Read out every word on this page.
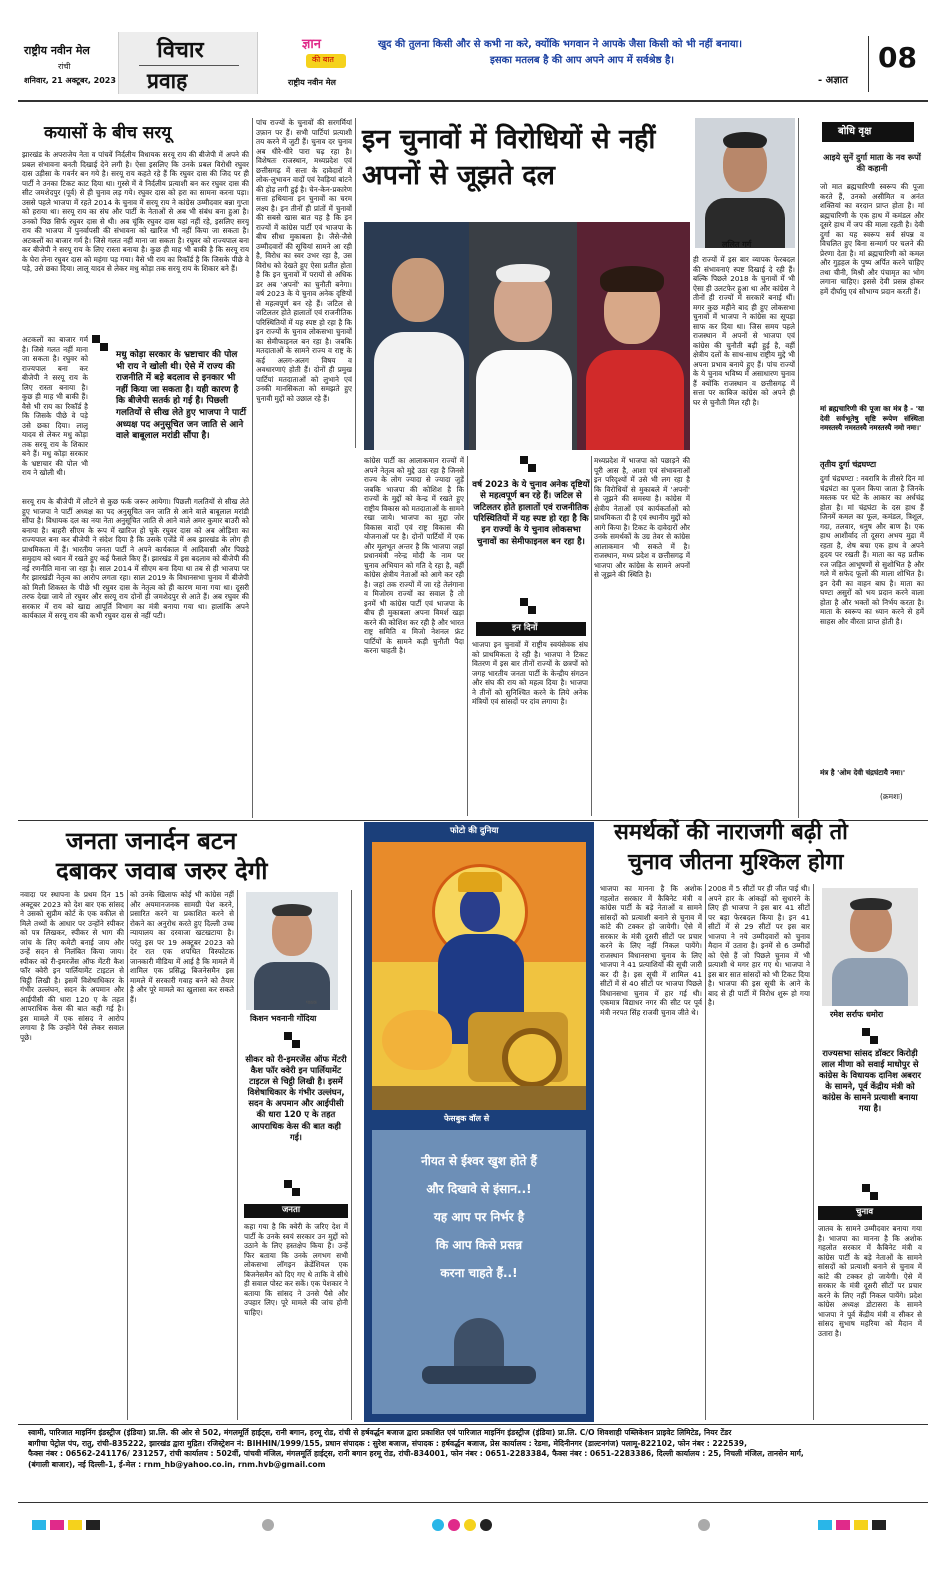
राष्ट्रीय नवीन मेल
रांची
शनिवार, 21 अक्टूबर, 2023
विचार
प्रवाह
ज्ञान
की बात
राष्ट्रीय नवीन मेल
खुद की तुलना किसी और से कभी ना करे, क्योंकि भगवान ने आपके जैसा किसी को भी नहीं बनाया।
इसका मतलब है की आप अपने आप में सर्वश्रेष्ठ है।
- अज्ञात
08
कयासों के बीच सरयू
झारखंड के अपराजेय नेता व पांचवें निर्दलीय विधायक सरयू राय की बीजेपी में अपने की प्रबल संभावना बनती दिखाई देने लगी है। ऐसा इसलिए कि उनके प्रबल विरोधी रघुवर दास उड़ीसा के गवर्नर बन गये है। सरयू राय कहते रहे हैं कि रघुवर दास की जिद पर ही पार्टी ने उनका टिकट काट दिया था। गुस्से में वे निर्दलीय प्रत्याशी बन कर रघुवर दास की सीट जमशेदपुर (पूर्व) से ही चुनाव लड़ गये। रघुवर दास को हरा का सामना करना पड़ा। उससे पहले भाजपा में रहते 2014 के चुनाव में सरयू राय ने कांग्रेस उम्मीदवार बन्ना गुप्ता को हराया था। सरयू राय का संघ और पार्टी के नेताओं से अब भी संबंध बना हुआ है। उनको पिछ सिर्फ रघुवर दास से थी। अब चूंकि रघुवर दास यहां नहीं रहे, इसलिए सरयू राय की भाजपा में पुनर्वापसी की संभावना को खारिज भी नहीं किया जा सकता है। अटकलों का बाजार गर्म है। जिसे गलत नहीं माना जा सकता है। रघुवर को राज्यपाल बना कर बीजेपी ने सरयू राय के लिए रास्ता बनाया है। कुछ ही माह भी बाकी है कि सरयू राय के घेरा लेना रघुवर दास को महंगा पड़ गया। वैसे भी राय का रिकॉर्ड है कि जिसके पीछे वे पड़े, उसे छका दिया। लालू यादव से लेकर मधु कोड़ा तक सरयू राय के शिकार बने हैं।
मधु कोड़ा सरकार के भ्रष्टाचार की पोल भी राय ने खोली थी। ऐसे में राज्य की राजनीति में बड़े बदलाव से इनकार भी नहीं किया जा सकता है। यही कारण है कि बीजेपी सतर्क हो गई है। पिछली गलतियों से सीख लेते हुए भाजपा ने पार्टी अध्यक्ष पद अनुसूचित जन जाति से आने वाले बाबूलाल मरांडी सौंपा है।
अटकलों का बाजार गर्म है। जिसे गलत नहीं माना जा सकता है। रघुवर को राज्यपाल बना कर बीजेपी ने सरयू राय के लिए रास्ता बनाया है। कुछ ही माह भी बाकी हैं। वैसे भी राय का रिकॉर्ड है कि जिसके पीछे वे पड़े उसे छका दिया। लालू यादव से लेकर मधु कोड़ा तक सरयू राय के शिकार बने हैं। मधु कोड़ा सरकार के भ्रष्टाचार की पोल भी राय ने खोली थी।
सरयू राय के बीजेपी में लौटने से कुछ फर्क जरूर आयेगा। पिछली गलतियों से सीख लेते हुए भाजपा ने पार्टी अध्यक्ष का पद अनुसूचित जन जाति से आने वाले बाबूलाल मरांडी सौंपा है। विधायक दल का नया नेता अनुसूचित जाति से आने वाले अमर कुमार बाउरी को बनाया है। बाहरी सीएम के रूप में खारिज हो चुके रघुवर दास को अब ओड़िशा का राज्यपाल बना कर बीजेपी ने संदेश दिया है कि उसके एजेंडे में अब झारखंड के लोग ही प्राथमिकता में हैं। भारतीय जनता पार्टी ने अपने कार्यकाल में आदिवासी और पिछड़े समुदाय को ध्यान में रखते हुए कई फैसले किए हैं। झारखंड में इस बदलाव को बीजेपी की नई रणनीति माना जा रहा है। साल 2014 में सीएम बना दिया था तब से ही भाजपा पर गैर झारखंडी नेतृत्व का आरोप लगता रहा। साल 2019 के विधानसभा चुनाव में बीजेपी को मिली शिकस्त के पीछे भी रघुवर दास के नेतृत्व को ही कारण माना गया था। दूसरी तरफ देखा जाये तो रघुवर और सरयू राय दोनों ही जमशेदपुर से आते हैं। अब रघुवर की सरकार में राय को खाद्य आपूर्ति विभाग का मंत्री बनाया गया था। हालांकि अपने कार्यकाल में सरयू राय की कभी रघुवर दास से नहीं पटी।
पांच राज्यों के चुनावों की सरगर्मियां उफ़ान पर हैं। सभी पार्टियां प्रत्याशी तय करने में जुटी हैं। चुनाव दर चुनाव अब धीरे-धीरे पारा चढ़ रहा है। विशेषतः राजस्थान, मध्यप्रदेश एवं छत्तीसगढ़ में सत्ता के दावेदारों में लोक-लुभावन वादों एवं रेवड़ियां बांटने की होड़ लगी हुई है। चेन-केन-प्रकारेण सत्ता हथियाना इन चुनावों का चरम लक्ष्य है। इन तीनों ही प्रांतों में चुनावों की सबसे खास बात यह है कि इन राज्यों में कांग्रेस पार्टी एवं भाजपा के बीच सीधा मुकाबला है। जैसे-जैसे उम्मीदवारों की सूचियां सामने आ रही है, विरोध का स्वर उभर रहा है, उस विरोध को देखते हुए ऐसा प्रतीत होता है कि इन चुनावों में परायों से अधिक डर अब 'अपनों' का चुनौती बनेगा। वर्ष 2023 के ये चुनाव अनेक दृष्टियों से महत्वपूर्ण बन रहे हैं। जटिल से जटिलतर होते हालातों एवं राजनीतिक परिस्थितियों में यह स्पष्ट हो रहा है कि इन राज्यों के चुनाव लोकसभा चुनावों का सेमीफाइनल बन रहा है। जबकि मतदाताओं के सामने राज्य व राष्ट्र के कई अलग-अलग विषय व अवधारणाएं होती हैं। दोनों ही प्रमुख पार्टियां मतदाताओं को लुभाने एवं उनकी मानसिकता को समझते हुए चुनावी मुद्दों को उछाल रहे हैं।
इन चुनावों में विरोधियों से नहीं अपनों से जूझते दल
ललित गर्ग
ही राज्यों में इस बार व्यापक फेरबदल की संभावनाएं स्पष्ट दिखाई दे रही हैं। बल्कि पिछले 2018 के चुनावों में भी ऐसा ही उलटफेर हुआ था और कांग्रेस ने तीनों ही राज्यों में सरकारें बनाई थीं। मगर कुछ महीने बाद ही हुए लोकसभा चुनावों में भाजपा ने कांग्रेस का सूपड़ा साफ कर दिया था। जिस समय पहले राजस्थान में अपनों से भाजपा एवं कांग्रेस की चुनौती बढ़ी हुई है, वहीं क्षेत्रीय दलों के साथ-साथ राष्ट्रीय मुद्दे भी अपना प्रभाव बनाये हुए हैं। पांच राज्यों के ये चुनाव भविष्य में असाधारण चुनाव हैं क्योंकि राजस्थान व छत्तीसगढ़ में सत्ता पर काबिज कांग्रेस को अपने ही घर से चुनौती मिल रही है।
कांग्रेस पार्टी का आलाकमान राज्यों में अपने नेतृत्व को मुद्दे उठा रहा है जिनसे राज्य के लोग ज्यादा से ज्यादा जुड़ें जबकि भाजपा की कोशिश है कि राज्यों के मुद्दों को केन्द्र में रखते हुए राष्ट्रीय विकास को मतदाताओं के सामने रखा जाये। भाजपा का मुद्दा जोर विकास वादों एवं राष्ट्र विकास की योजनाओं पर है। दोनों पार्टियों में एक और मूलभूत अन्तर है कि भाजपा जहां प्रधानमंत्री नरेन्द्र मोदी के नाम पर चुनाव अभियान को गति दे रहा है, वहीं कांग्रेस क्षेत्रीय नेताओं को आगे कर रही है। जहां तक राज्यों में जा रहे तेलंगाना व मिजोरम राज्यों का सवाल है तो इनमें भी कांग्रेस पार्टी एवं भाजपा के बीच ही मुकाबला अपना विमर्श खड़ा करने की कोशिश कर रही है और भारत राष्ट्र समिति व मिजो नेशनल फ्रंट पार्टियों के सामने कड़ी चुनौती पैदा करना चाहती है।
वर्ष 2023 के ये चुनाव अनेक दृष्टियों से महत्वपूर्ण बन रहे हैं। जटिल से जटिलतर होते हालातों एवं राजनीतिक परिस्थितियों में यह स्पष्ट हो रहा है कि इन राज्यों के ये चुनाव लोकसभा चुनावों का सेमीफाइनल बन रहा है।
इन दिनों
भाजपा इन चुनावों में राष्ट्रीय स्वयंसेवक संघ को प्राथमिकता दे रही है। भाजपा ने टिकट वितरण में इस बार तीनों राज्यों के छत्रपों को जगह भारतीय जनता पार्टी के केन्द्रीय संगठन और संघ की राय को महत्व दिया है। भाजपा ने तीनों को सुनिश्चित करने के लिये अनेक मंत्रियों एवं सांसदों पर दांव लगाया है।
मध्यप्रदेश में भाजपा को पछाड़ने की पूरी आस है, आशा एवं संभावनाओं इन परिदृश्यों में उसे भी लग रहा है कि विरोधियों से मुकाबले में 'अपनों' से जूझने की समस्या है। कांग्रेस में क्षेत्रीय नेताओं एवं कार्यकर्ताओं को प्राथमिकता दी है एवं स्थानीय मुद्दों को आगे किया है। टिकट के दावेदारों और उनके समर्थकों के उग्र तेवर से कांग्रेस आलाकमान भी सकते में है। राजस्थान, मध्य प्रदेश व छत्तीसगढ़ में भाजपा और कांग्रेस के सामने अपनों से जूझने की स्थिति है।
बोधि वृक्ष
आइये सुनें दुर्गा माता के नव रूपों की कहानी
जो मात ब्रह्मचारिणी स्वरूप की पूजा करते हैं, उनको असीमित व अनंत शक्तियां का वरदान प्राप्त होता है। मां ब्रह्मचारिणी के एक हाथ में कमंडल और दूसरे हाथ में जप की माला रहती है। देवी दुर्गा का यह स्वरूप सर्व संपन्न व विचलित हुए बिना सन्मार्ग पर चलने की प्रेरणा देता है। मां ब्रह्मचारिणी को कमल और गुड़हल के पुष्प अर्पित करने चाहिए तथा चीनी, मिश्री और पंचामृत का भोग लगाना चाहिए। इससे देवी प्रसन्न होकर हमें दीर्घायु एवं सौभाग्य प्रदान करती हैं।
मां ब्रह्मचारिणी की पूजा का मंत्र है - 'या देवी सर्वभूतेषु सृष्टि रूपेण संस्थिता नमस्तस्यै नमस्तस्यै नमस्तस्यै नमो नमः।'
तृतीय दुर्गा चंद्रघण्टा
दुर्गा चंद्रघण्टा : नवरात्रि के तीसरे दिन मां चंद्रघंटा का पूजन किया जाता है जिनके मस्तक पर घंटे के आकार का अर्धचंद्र होता है। मां चंद्रघंटा के दस हाथ हैं जिनमें कमल का फूल, कमंडल, त्रिशूल, गदा, तलवार, धनुष और बाण है। एक हाथ आशीर्वाद तो दूसरा अभय मुद्रा में रहता है, शेष बचा एक हाथ वे अपने हृदय पर रखती हैं। माता का यह प्रतीक रज जड़ित आभूषणों से सुशोभित है और गले में सफेद फूलों की माला शोभित है। इन देवी का वाहन बाघ है। माता का घण्टा असुरों को भय प्रदान करने वाला होता है और भक्तों को निर्भय करता है। माता के स्वरूप का ध्यान करने से हमें साहस और वीरता प्राप्त होती है।
मंत्र है 'ओम देवी चंद्रघंटायै नमः।'
(क्रमशः)
जनता जनार्दन बटन
दबाकर जवाब जरुर देगी
नवादा पर स्थापना के प्रथम दिन 15 अक्टूबर 2023 को देश बार एक सांसद ने उसको सुप्रीम कोर्ट के एक वकील से मिले तथ्यों के आधार पर उन्होंने स्पीकर को पत्र लिखकर, स्पीकर से भाग की जांच के लिए कमेटी बनाई जाय और उन्हें सदन से निलंबित किया जाय। स्पीकर को री-इमरजेंस ऑफ मेंटरी कैश फॉर क्वेरी इन पार्लियामेंट टाइटल से चिट्ठी लिखी है। इसमें विशेषाधिकार के गंभीर उल्लंघन, सदन के अपमान और आईपीसी की धारा 120 ए के तहत आपराधिक केस की बात कही गई है। इस मामले में एक सांसद ने आरोप लगाया है कि उन्होंने पैसे लेकर सवाल पूछे।
को उनके खिलाफ कोई भी कांग्रेस नहीं और अयमानजनक सामग्री पेश करने, प्रसारित करने या प्रकाशित करने से रोकने का अनुरोध करते हुए दिल्ली उच्च न्यायालय का दरवाजा खटखटाया है। परंतु इस पर 19 अक्टूबर 2023 को देर रात एक शपथित विस्फोटक जानकारी मीडिया में आई है कि मामले में शामिल एक प्रसिद्ध बिजनेसमैन इस मामले में सरकारी गवाह बनने को तैयार है और पूरे मामले का खुलासा कर सकते हैं।	पाठक
किशन भवनानी गोंदिया
सीकर को री-इमरजेंस ऑफ मेंटरी कैश फॉर क्वेरी इन पार्लियामेंट टाइटल से चिट्ठी लिखी है। इसमें विशेषाधिकार के गंभीर उल्लंघन, सदन के अपमान और आईपीसी की धारा 120 ए के तहत आपराधिक केस की बात कही गई।
जनता
कहा गया है कि क्वेरी के जरिए देश में पार्टी के उनके स्वयं सरकार उन मुद्दों को उठाने के लिए हस्तक्षेप किया है। उन्हें फिर बताया कि उनके लगभग सभी लोकसभा लॉगइन क्रेडेंशियल एक बिजनेसमैन को दिए गए थे ताकि वे सीधे ही सवाल पोस्ट कर सकें। एक पेशकार ने बताया कि सांसद ने उनसे पैसे और उपहार लिए। पूरे मामले की जांच होनी चाहिए।
फोटो की दुनिया
फेसबुक वॉल से
नीयत से ईश्वर खुश होते हैं
और दिखावे से इंसान..!
यह आप पर निर्भर है
कि आप किसे प्रसन्न
करना चाहते हैं..!
समर्थकों की नाराजगी बढ़ी तो
चुनाव जीतना मुश्किल होगा
भाजपा का मानना है कि अशोक गहलोत सरकार में कैबिनेट मंत्री व कांग्रेस पार्टी के बड़े नेताओं व सामने सांसदों को प्रत्याशी बनाने से चुनाव में कांटे की टक्कर हो जायेगी। ऐसे में सरकार के मंत्री दूसरी सीटों पर प्रचार करने के लिए नहीं निकल पायेंगे। राजस्थान विधानसभा चुनाव के लिए भाजपा ने 41 प्रत्याशियों की सूची जारी कर दी है। इस सूची में शामिल 41 सीटों में से 40 सीटों पर भाजपा पिछले विधानसभा चुनाव में हार गई थी। एकमात्र विद्याधर नगर की सीट पर पूर्व मंत्री नरपत सिंह राजवी चुनाव जीते थे।
2008 में 5 सीटों पर ही जीत पाई थी। अपने हार के आंकड़ों को सुधारने के लिए ही भाजपा ने इस बार 41 सीटों पर बड़ा फेरबदल किया है। इन 41 सीटों में से 29 सीटों पर इस बार भाजपा ने नये उम्मीदवारों को चुनाव मैदान में उतारा है। इनमें से 6 उम्मीदों को ऐसे हैं जो पिछले चुनाव में भी प्रत्याशी थे मगर हार गए थे। भाजपा ने इस बार सात सांसदों को भी टिकट दिया है। भाजपा की इस सूची के आने के बाद से ही पार्टी में विरोध शुरू हो गया है।
रमेश सर्राफ धमोरा
राज्यसभा सांसद डॉक्टर किरोड़ी लाल मीणा को सवाई माधोपुर से कांग्रेस के विधायक दानिश अबरार के सामने, पूर्व केंद्रीय मंत्री को कांग्रेस के सामने प्रत्याशी बनाया गया है।
चुनाव
जातव के सामने उम्मीदवार बनाया गया है। भाजपा का मानना है कि अशोक गहलोत सरकार में कैबिनेट मंत्री व कांग्रेस पार्टी के बड़े नेताओं के सामने सांसदों को प्रत्याशी बनाने से चुनाव में कांटे की टक्कर हो जायेगी। ऐसे में सरकार के मंत्री दूसरी सीटों पर प्रचार करने के लिए नहीं निकल पायेंगे। प्रदेश कांग्रेस अध्यक्ष डोटासरा के सामने भाजपा ने पूर्व केंद्रीय मंत्री व सीकर से सांसद सुभाष महरिया को मैदान में उतारा है।
स्वामी, पारिजात माइनिंग इंडस्ट्रीज (इंडिया) प्रा.लि. की ओर से 502, मंगलमूर्ति हाईट्स, रानी बगान, हरमू रोड, रांची से हर्षवर्द्धन बजाज द्वारा प्रकाशित एवं पारिजात माइनिंग इंडस्ट्रीज (इंडिया) प्रा.लि. C/O शिवशाही पब्लिकेशन प्राइवेट लिमिटेड, नियर टेंडर
बागीचा पेट्रोल पंप, रातु, रांची-835222, झारखंड द्वारा मुद्रित। रजिस्ट्रेशन नं: BIHHIN/1999/155, प्रधान संपादक : सुरेश बजाज, संपादक : हर्षवर्द्धन बजाज, प्रेस कार्यालय : रेडमा, मेदिनीनगर (डाल्टनगंज) पलामू-822102, फोन नंबर : 222539,
फैक्स नंबर : 06562-241176/ 231257, रांची कार्यालय : 502वीं, पांचवी मंजिल, मंगलमूर्ति हाईट्स, रानी बगान हरमू रोड, रांची-834001, फोन नंबर : 0651-2283384, फैक्स नंबर : 0651-2283386, दिल्ली कार्यालय : 25, निचली मंजिल, तानसेन मार्ग,
(बंगाली बाजार), नई दिल्ली-1, ई-मेल : rnm_hb@yahoo.co.in, rnm.hvb@gmail.com
